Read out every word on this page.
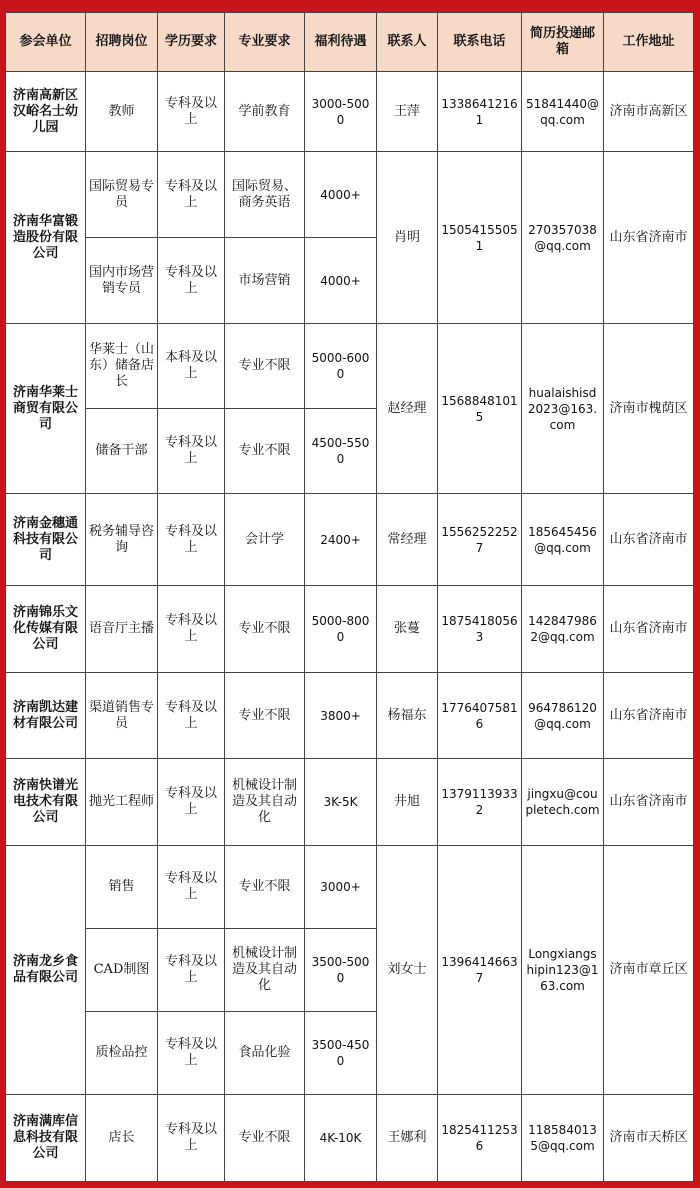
参会单位	招聘岗位	学历要求	专业要求	福利待遇	联系人	联系电话	简历投递邮箱	工作地址
济南高新区汉峪名士幼儿园	教师	专科及以上	学前教育	3000-5000	王萍	13386412161	51841440@qq.com	济南市高新区
济南华富锻造股份有限公司	国际贸易专员	专科及以上	国际贸易、商务英语	4000+	肖明	15054155051	270357038@qq.com	山东省济南市
	国内市场营销专员	专科及以上	市场营销	4000+				
济南华莱士商贸有限公司	华莱士（山东）储备店长	本科及以上	专业不限	5000-6000	赵经理	15688481015	hualaishisd2023@163.com	济南市槐荫区
	储备干部	专科及以上	专业不限	4500-5500				
济南金穗通科技有限公司	税务辅导咨询	专科及以上	会计学	2400+	常经理	15562522527	185645456@qq.com	山东省济南市
济南锦乐文化传媒有限公司	语音厅主播	专科及以上	专业不限	5000-8000	张蔓	18754180563	1428479862@qq.com	山东省济南市
济南凯达建材有限公司	渠道销售专员	专科及以上	专业不限	3800+	杨福东	17764075816	964786120@qq.com	山东省济南市
济南快谱光电技术有限公司	抛光工程师	专科及以上	机械设计制造及其自动化	3K-5K	井旭	13791139332	jingxu@coupletech.com	山东省济南市
济南龙乡食品有限公司	销售	专科及以上	专业不限	3000+	刘女士	13964146637	Longxiangshipin123@163.com	济南市章丘区
	CAD制图	专科及以上	机械设计制造及其自动化	3500-5000				
	质检品控	专科及以上	食品化验	3500-4500				
济南满库信息科技有限公司	店长	专科及以上	专业不限	4K-10K	王娜利	18254112536	1185840135@qq.com	济南市天桥区
